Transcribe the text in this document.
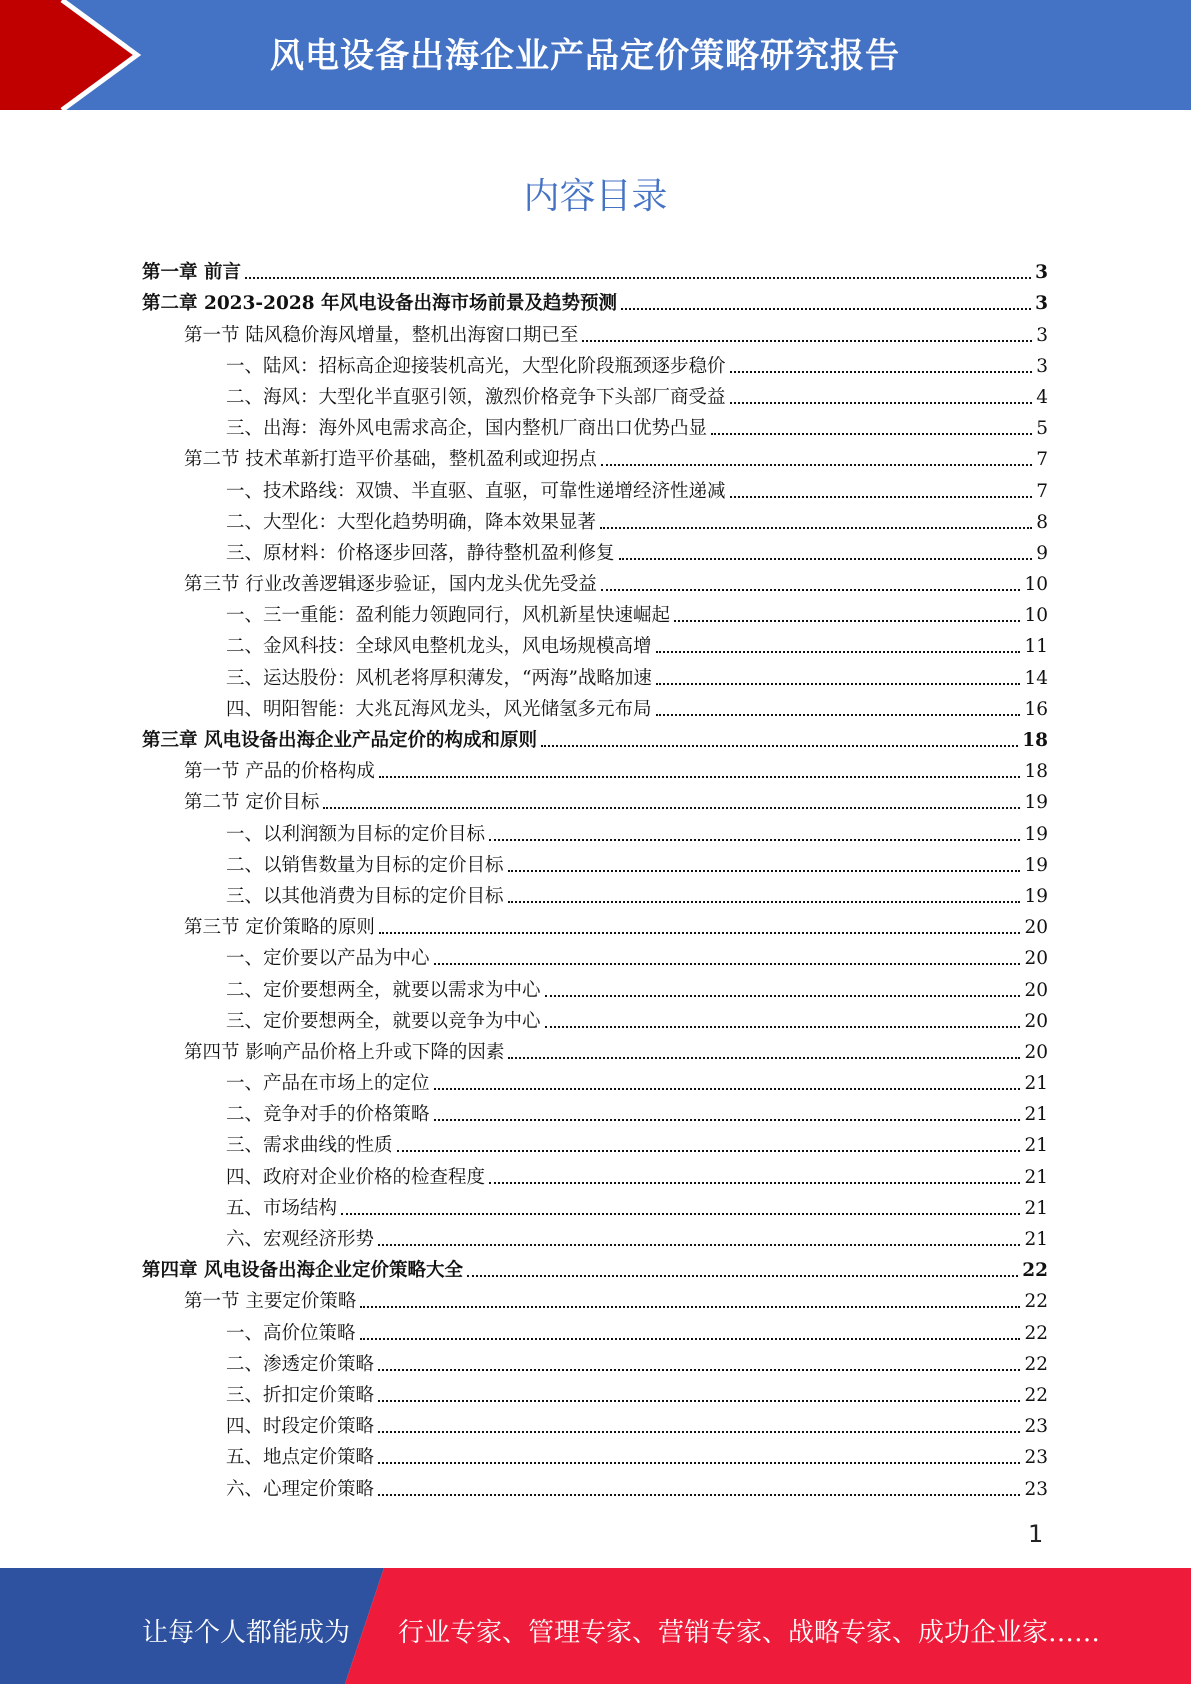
风电设备出海企业产品定价策略研究报告
内容目录
第一章 前言	3
第二章 2023-2028 年风电设备出海市场前景及趋势预测	3
第一节 陆风稳价海风增量，整机出海窗口期已至	3
一、陆风：招标高企迎接装机高光，大型化阶段瓶颈逐步稳价	3
二、海风：大型化半直驱引领，激烈价格竞争下头部厂商受益	4
三、出海：海外风电需求高企，国内整机厂商出口优势凸显	5
第二节 技术革新打造平价基础，整机盈利或迎拐点	7
一、技术路线：双馈、半直驱、直驱，可靠性递增经济性递减	7
二、大型化：大型化趋势明确，降本效果显著	8
三、原材料：价格逐步回落，静待整机盈利修复	9
第三节 行业改善逻辑逐步验证，国内龙头优先受益	10
一、三一重能：盈利能力领跑同行，风机新星快速崛起	10
二、金风科技：全球风电整机龙头，风电场规模高增	11
三、运达股份：风机老将厚积薄发，“两海”战略加速	14
四、明阳智能：大兆瓦海风龙头，风光储氢多元布局	16
第三章 风电设备出海企业产品定价的构成和原则	18
第一节 产品的价格构成	18
第二节 定价目标	19
一、以利润额为目标的定价目标	19
二、以销售数量为目标的定价目标	19
三、以其他消费为目标的定价目标	19
第三节 定价策略的原则	20
一、定价要以产品为中心	20
二、定价要想两全，就要以需求为中心	20
三、定价要想两全，就要以竞争为中心	20
第四节 影响产品价格上升或下降的因素	20
一、产品在市场上的定位	21
二、竞争对手的价格策略	21
三、需求曲线的性质	21
四、政府对企业价格的检查程度	21
五、市场结构	21
六、宏观经济形势	21
第四章 风电设备出海企业定价策略大全	22
第一节 主要定价策略	22
一、高价位策略	22
二、渗透定价策略	22
三、折扣定价策略	22
四、时段定价策略	23
五、地点定价策略	23
六、心理定价策略	23
1
让每个人都能成为 行业专家、管理专家、营销专家、战略专家、成功企业家……
